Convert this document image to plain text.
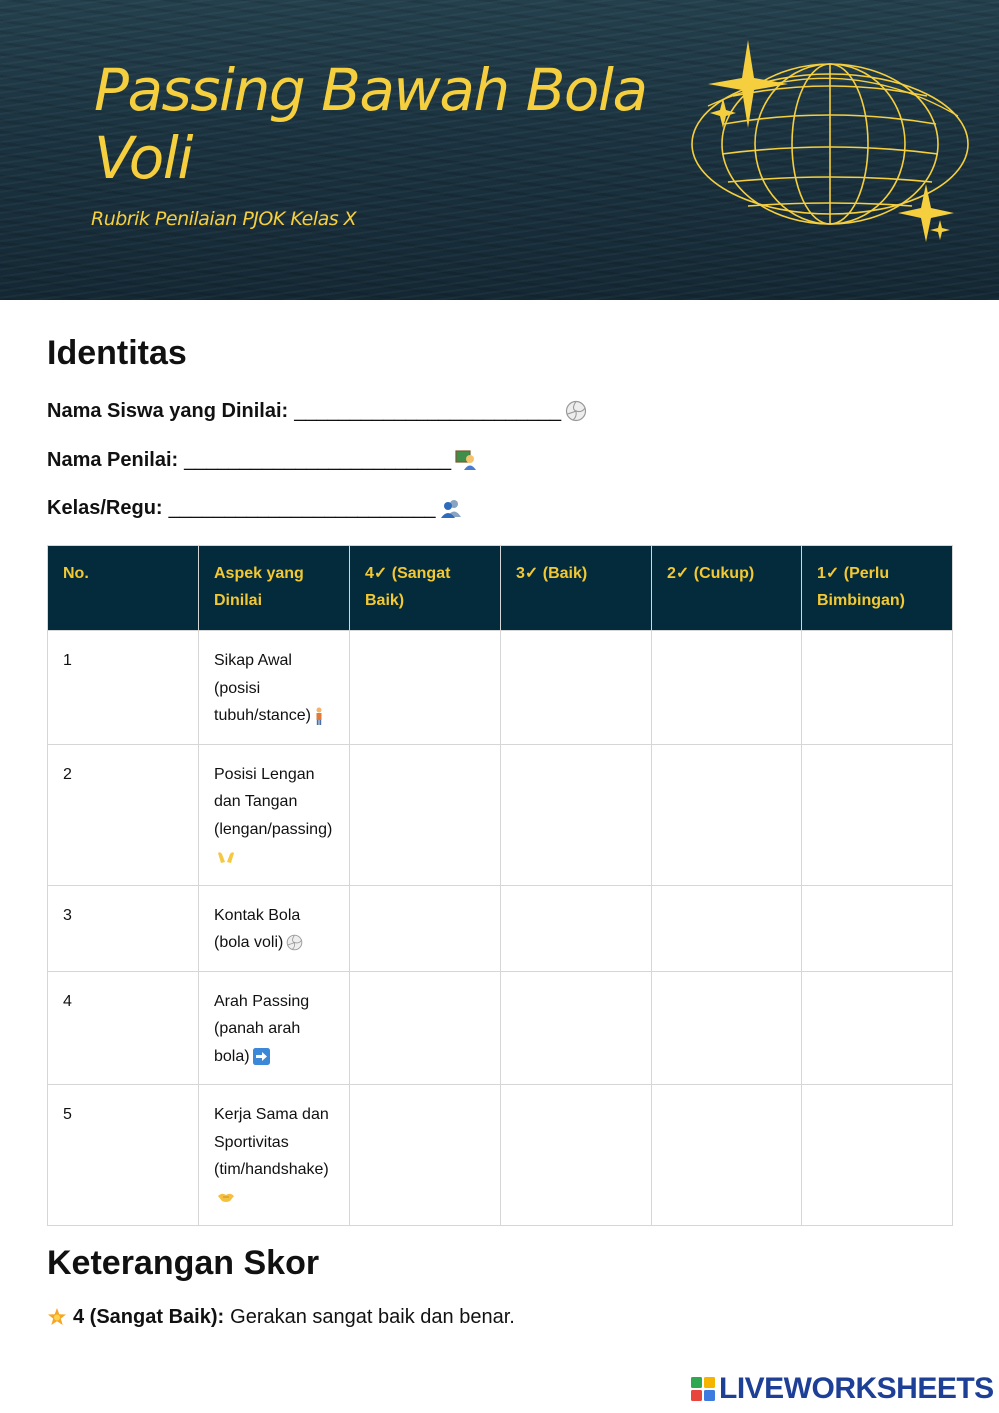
Passing Bawah Bola Voli
Rubrik Penilaian PJOK Kelas X
Identitas
Nama Siswa yang Dinilai: ________________________
Nama Penilai: ________________________
Kelas/Regu: ________________________
No.	Aspek yang Dinilai	4✓ (Sangat Baik)	3✓ (Baik)	2✓ (Cukup)	1✓ (Perlu Bimbingan)
1	Sikap Awal (posisi tubuh/stance)				
2	Posisi Lengan dan Tangan (lengan/passing)				
3	Kontak Bola (bola voli)				
4	Arah Passing (panah arah bola)				
5	Kerja Sama dan Sportivitas (tim/handshake)				
Keterangan Skor
4 (Sangat Baik): Gerakan sangat baik dan benar.
LIVEWORKSHEETS
